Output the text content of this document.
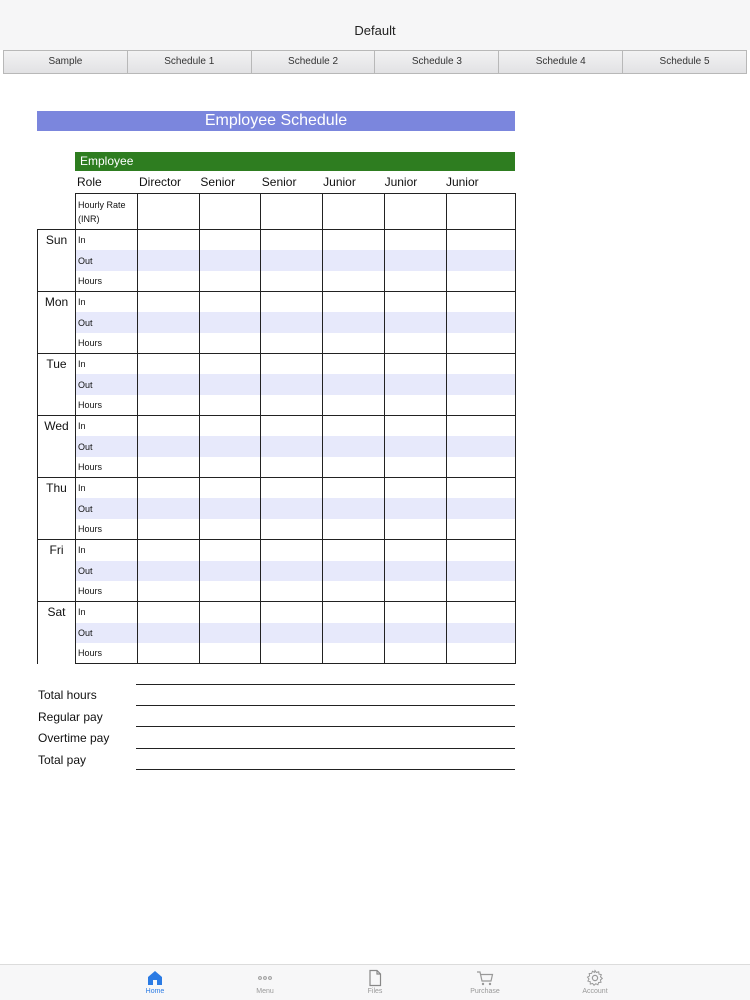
Default
Sample	Schedule 1	Schedule 2	Schedule 3	Schedule 4	Schedule 5
Employee Schedule
Employee
Role	Director	Senior	Senior	Junior	Junior	Junior
	Hourly Rate
(INR)						
Sun	In						
	Out						
	Hours						
Mon	In						
	Out						
	Hours						
Tue	In						
	Out						
	Hours						
Wed	In						
	Out						
	Hours						
Thu	In						
	Out						
	Hours						
Fri	In						
	Out						
	Hours						
Sat	In						
	Out						
	Hours						
Total hours
Regular pay
Overtime pay
Total pay
Home	Menu	Files	Purchase	Account
